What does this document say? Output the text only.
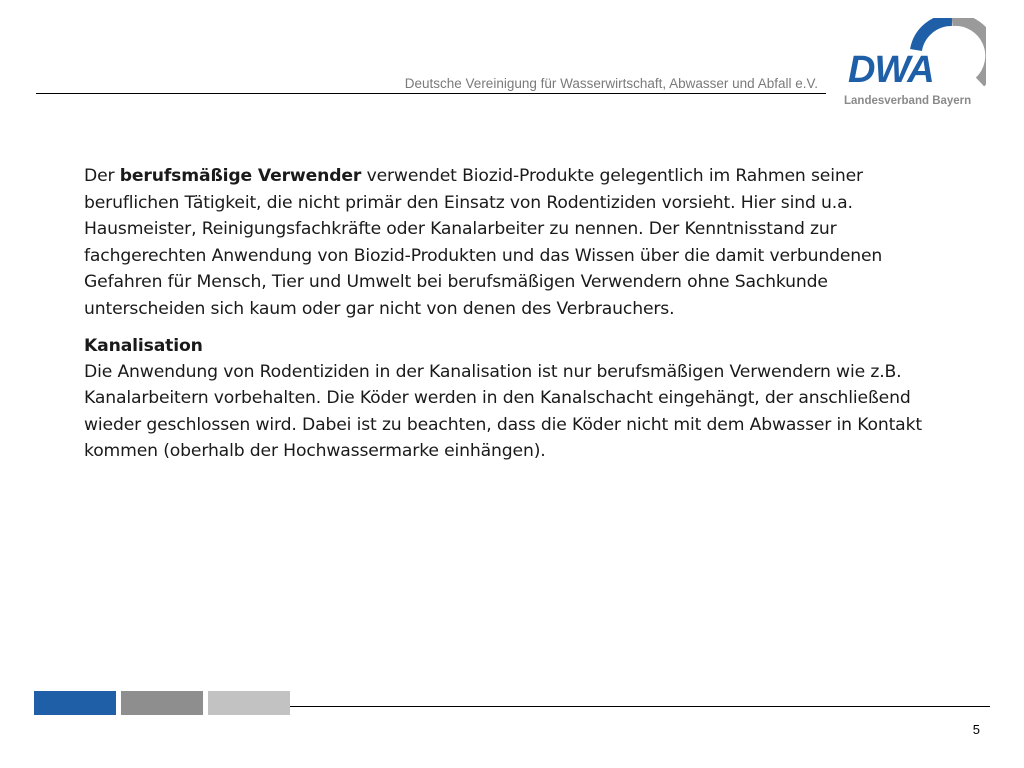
Deutsche Vereinigung für Wasserwirtschaft, Abwasser und Abfall e.V. DWA
Landesverband Bayern

Der berufsmäßige Verwender verwendet Biozid-Produkte gelegentlich im Rahmen seiner beruflichen Tätigkeit, die nicht primär den Einsatz von Rodentiziden vorsieht. Hier sind u.a. Hausmeister, Reinigungsfachkräfte oder Kanalarbeiter zu nennen. Der Kenntnisstand zur fachgerechten Anwendung von Biozid-Produkten und das Wissen über die damit verbundenen Gefahren für Mensch, Tier und Umwelt bei berufsmäßigen Verwendern ohne Sachkunde unterscheiden sich kaum oder gar nicht von denen des Verbrauchers.

Kanalisation

Die Anwendung von Rodentiziden in der Kanalisation ist nur berufsmäßigen Verwendern wie z.B. Kanalarbeitern vorbehalten. Die Köder werden in den Kanalschacht eingehängt, der anschließend wieder geschlossen wird. Dabei ist zu beachten, dass die Köder nicht mit dem Abwasser in Kontakt kommen (oberhalb der Hochwassermarke einhängen).

5
